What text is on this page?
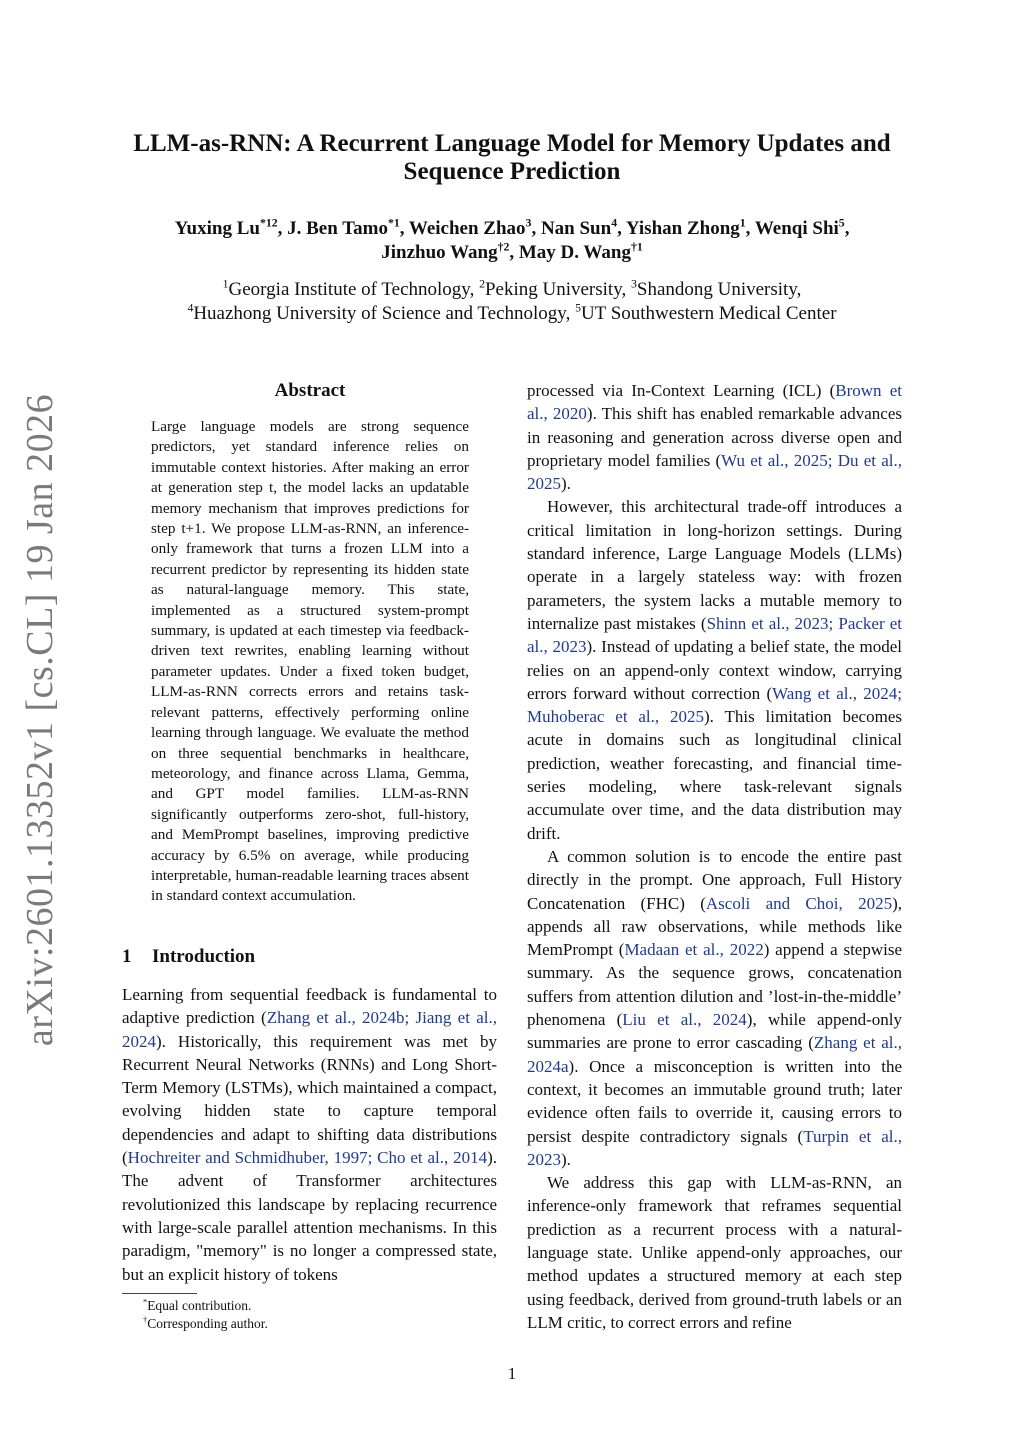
arXiv:2601.13352v1 [cs.CL] 19 Jan 2026
LLM-as-RNN: A Recurrent Language Model for Memory Updates and
Sequence Prediction
Yuxing Lu$^{*12}$, J. Ben Tamo$^{*1}$, Weichen Zhao$^3$, Nan Sun$^4$, Yishan Zhong$^1$, Wenqi Shi$^5$,
Jinzhuo Wang$^{\dagger 2}$, May D. Wang$^{\dagger 1}$
$^1$Georgia Institute of Technology, $^2$Peking University, $^3$Shandong University,
$^4$Huazhong University of Science and Technology, $^5$UT Southwestern Medical Center
Abstract
Large language models are strong sequence predictors, yet standard inference relies on immutable context histories. After making an error at generation step t, the model lacks an updatable memory mechanism that improves predictions for step t+1. We propose LLM-as-RNN, an inference-only framework that turns a frozen LLM into a recurrent predictor by representing its hidden state as natural-language memory. This state, implemented as a structured system-prompt summary, is updated at each timestep via feedback-driven text rewrites, enabling learning without parameter updates. Under a fixed token budget, LLM-as-RNN corrects errors and retains task-relevant patterns, effectively performing online learning through language. We evaluate the method on three sequential benchmarks in healthcare, meteorology, and finance across Llama, Gemma, and GPT model families. LLM-as-RNN significantly outperforms zero-shot, full-history, and MemPrompt baselines, improving predictive accuracy by 6.5% on average, while producing interpretable, human-readable learning traces absent in standard context accumulation.
1 Introduction

Learning from sequential feedback is fundamental to adaptive prediction (Zhang et al., 2024b; Jiang et al., 2024). Historically, this requirement was met by Recurrent Neural Networks (RNNs) and Long Short-Term Memory (LSTMs), which maintained a compact, evolving hidden state to capture temporal dependencies and adapt to shifting data distributions (Hochreiter and Schmidhuber, 1997; Cho et al., 2014). The advent of Transformer architectures revolutionized this landscape by replacing recurrence with large-scale parallel attention mechanisms. In this paradigm, "memory" is no longer a compressed state, but an explicit history of tokens

processed via In-Context Learning (ICL) (Brown et al., 2020). This shift has enabled remarkable advances in reasoning and generation across diverse open and proprietary model families (Wu et al., 2025; Du et al., 2025).

However, this architectural trade-off introduces a critical limitation in long-horizon settings. During standard inference, Large Language Models (LLMs) operate in a largely stateless way: with frozen parameters, the system lacks a mutable memory to internalize past mistakes (Shinn et al., 2023; Packer et al., 2023). Instead of updating a belief state, the model relies on an append-only context window, carrying errors forward without correction (Wang et al., 2024; Muhoberac et al., 2025). This limitation becomes acute in domains such as longitudinal clinical prediction, weather forecasting, and financial time-series modeling, where task-relevant signals accumulate over time, and the data distribution may drift.

A common solution is to encode the entire past directly in the prompt. One approach, Full History Concatenation (FHC) (Ascoli and Choi, 2025), appends all raw observations, while methods like MemPrompt (Madaan et al., 2022) append a stepwise summary. As the sequence grows, concatenation suffers from attention dilution and ’lost-in-the-middle’ phenomena (Liu et al., 2024), while append-only summaries are prone to error cascading (Zhang et al., 2024a). Once a misconception is written into the context, it becomes an immutable ground truth; later evidence often fails to override it, causing errors to persist despite contradictory signals (Turpin et al., 2023).

We address this gap with LLM-as-RNN, an inference-only framework that reframes sequential prediction as a recurrent process with a natural-language state. Unlike append-only approaches, our method updates a structured memory at each step using feedback, derived from ground-truth labels or an LLM critic, to correct errors and refine

*Equal contribution.
†Corresponding author.
1
